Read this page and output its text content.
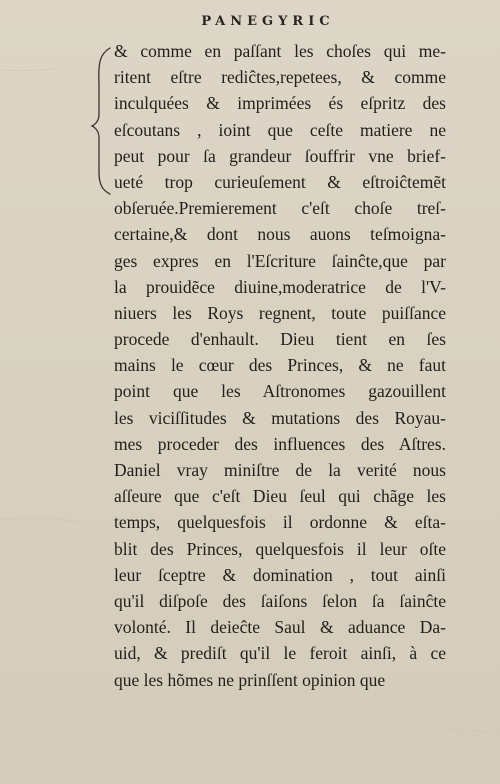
PANEGYRIC
& comme en paſſant les choſes qui me-
ritent eſtre rediĉtes,repetees, & comme
inculquées & imprimées és eſpritz des
eſcoutans , ioint que ceſte matiere ne
peut pour ſa grandeur ſouffrir vne brief-
ueté trop curieuſement & eſtroiĉtemẽt
obſeruée.Premierement c'eſt choſe treſ-
certaine,& dont nous auons teſmoigna-
ges expres en l'Eſcriture ſainĉte,que par
la prouidẽce diuine,moderatrice de l'V-
niuers les Roys regnent, toute puiſſance
procede d'enhault. Dieu tient en ſes
mains le cœur des Princes, & ne faut
point que les Aſtronomes gazouillent
les viciſſitudes & mutations des Royau-
mes proceder des influences des Aſtres.
Daniel vray miniſtre de la verité nous
aſſeure que c'eſt Dieu ſeul qui chãge les
temps, quelquesfois il ordonne & eſta-
blit des Princes, quelquesfois il leur oſte
leur ſceptre & domination , tout ainſi
qu'il diſpoſe des ſaiſons ſelon ſa ſainĉte
volonté. Il deieĉte Saul & aduance Da-
uid, & prediſt qu'il le feroit ainſi, à ce
que les hõmes ne prinſſent opinion que
